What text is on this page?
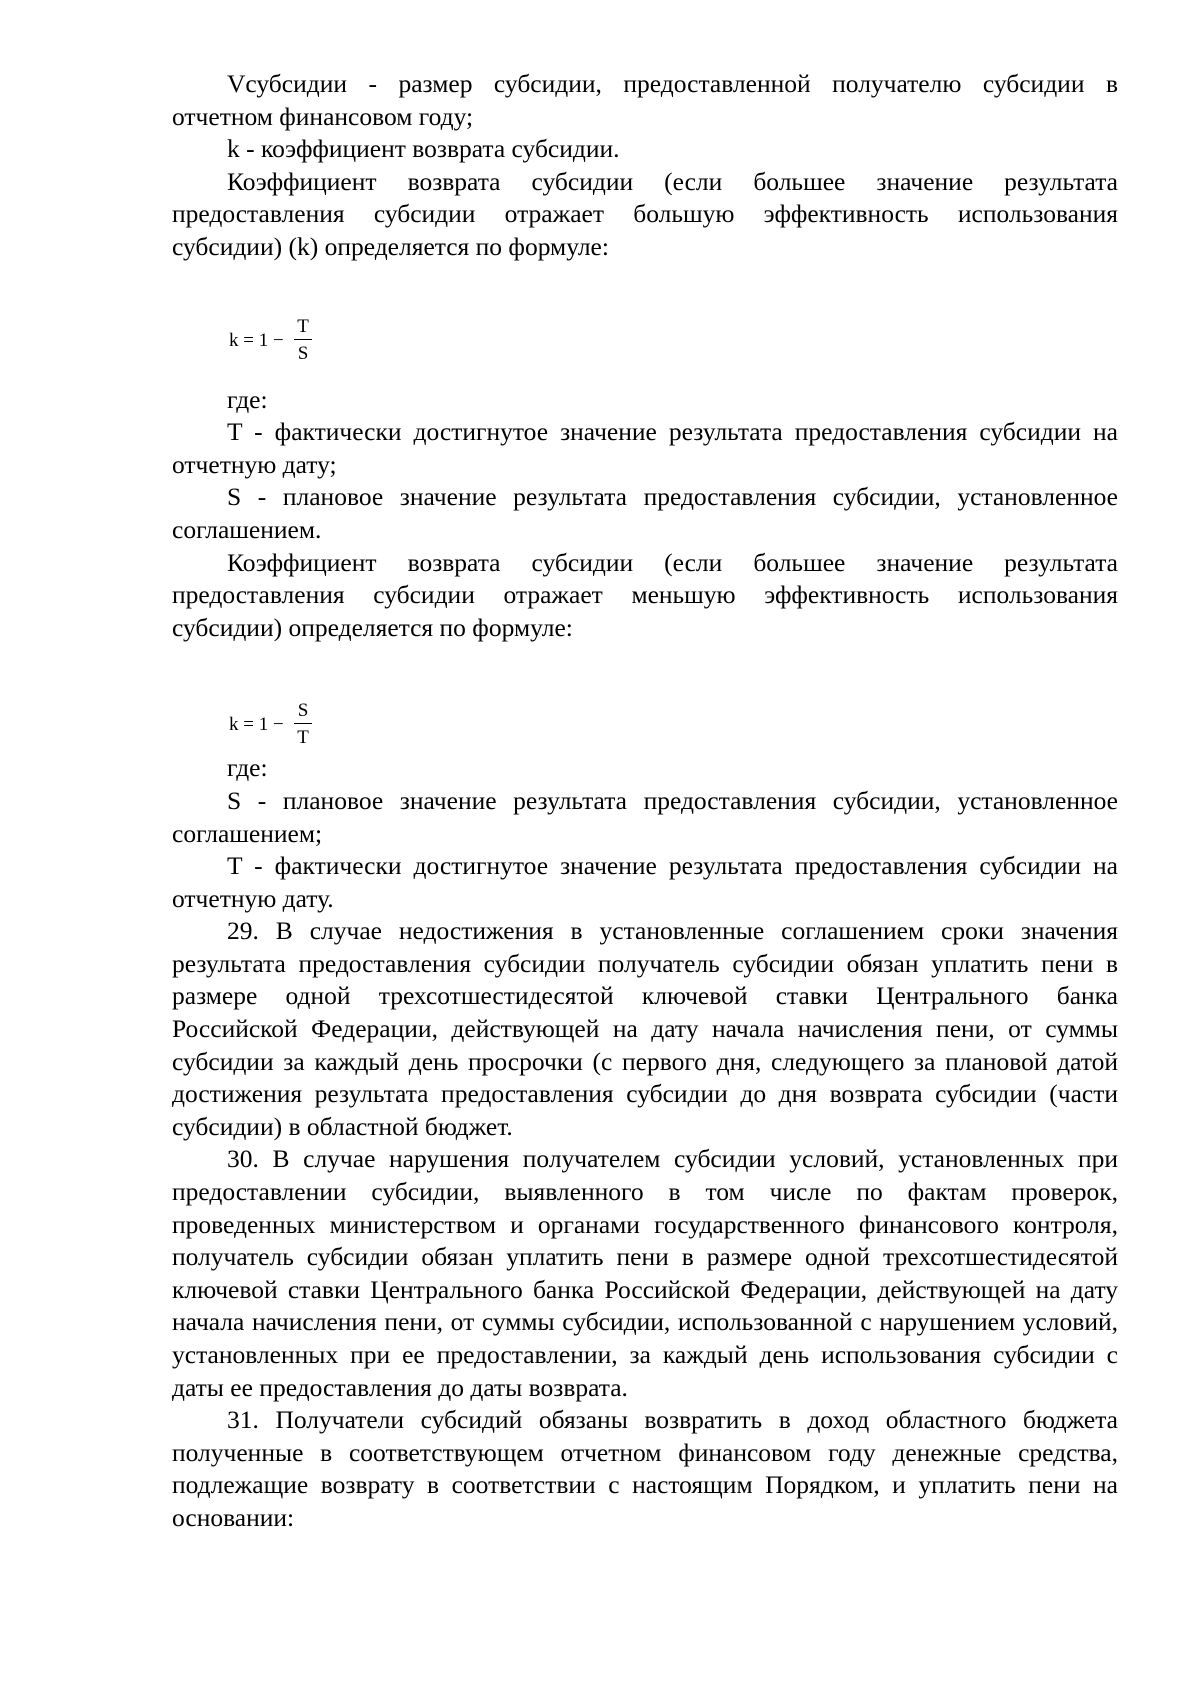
Vсубсидии - размер субсидии, предоставленной получателю субсидии в отчетном финансовом году;

k - коэффициент возврата субсидии.

Коэффициент возврата субсидии (если большее значение результата предоставления субсидии отражает большую эффективность использования субсидии) (k) определяется по формуле:

k = 1 −
T
S

где:

T - фактически достигнутое значение результата предоставления субсидии на отчетную дату;

S - плановое значение результата предоставления субсидии, установленное соглашением.

Коэффициент возврата субсидии (если большее значение результата предоставления субсидии отражает меньшую эффективность использования субсидии) определяется по формуле:

k = 1 −
S
T

где:

S - плановое значение результата предоставления субсидии, установленное соглашением;

T - фактически достигнутое значение результата предоставления субсидии на отчетную дату.

29. В случае недостижения в установленные соглашением сроки значения результата предоставления субсидии получатель субсидии обязан уплатить пени в размере одной трехсотшестидесятой ключевой ставки Центрального банка Российской Федерации, действующей на дату начала начисления пени, от суммы субсидии за каждый день просрочки (с первого дня, следующего за плановой датой достижения результата предоставления субсидии до дня возврата субсидии (части субсидии) в областной бюджет.

30. В случае нарушения получателем субсидии условий, установленных при предоставлении субсидии, выявленного в том числе по фактам проверок, проведенных министерством и органами государственного финансового контроля, получатель субсидии обязан уплатить пени в размере одной трехсотшестидесятой ключевой ставки Центрального банка Российской Федерации, действующей на дату начала начисления пени, от суммы субсидии, использованной с нарушением условий, установленных при ее предоставлении, за каждый день использования субсидии с даты ее предоставления до даты возврата.

31. Получатели субсидий обязаны возвратить в доход областного бюджета полученные в соответствующем отчетном финансовом году денежные средства, подлежащие возврату в соответствии с настоящим Порядком, и уплатить пени на основании:
